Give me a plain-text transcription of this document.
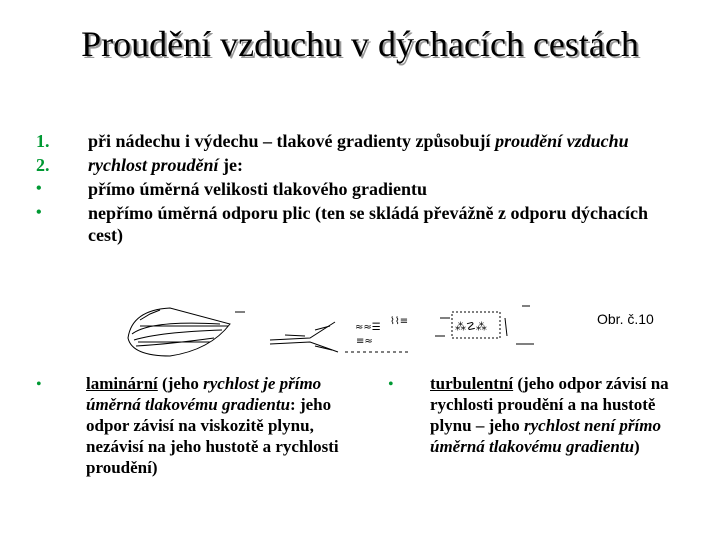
Proudění vzduchu v dýchacích cestách
1.	při nádechu i výdechu – tlakové gradienty způsobují proudění vzduchu
2.	rychlost proudění je:
•	přímo úměrná velikosti tlakového gradientu
•	nepřímo úměrná odporu plic (ten se skládá převážně z odporu dýchacích cest)
≈≈☰
≡≈
⌇⌇≡	⁂☡⁂	Obr. č.10
•	laminární (jeho rychlost je přímo úměrná tlakovému gradientu: jeho odpor závisí na viskozitě plynu, nezávisí na jeho hustotě a rychlosti proudění)
• turbulentní (jeho odpor závisí na rychlosti proudění a na hustotě plynu – jeho rychlost není přímo úměrná tlakovému gradientu)
